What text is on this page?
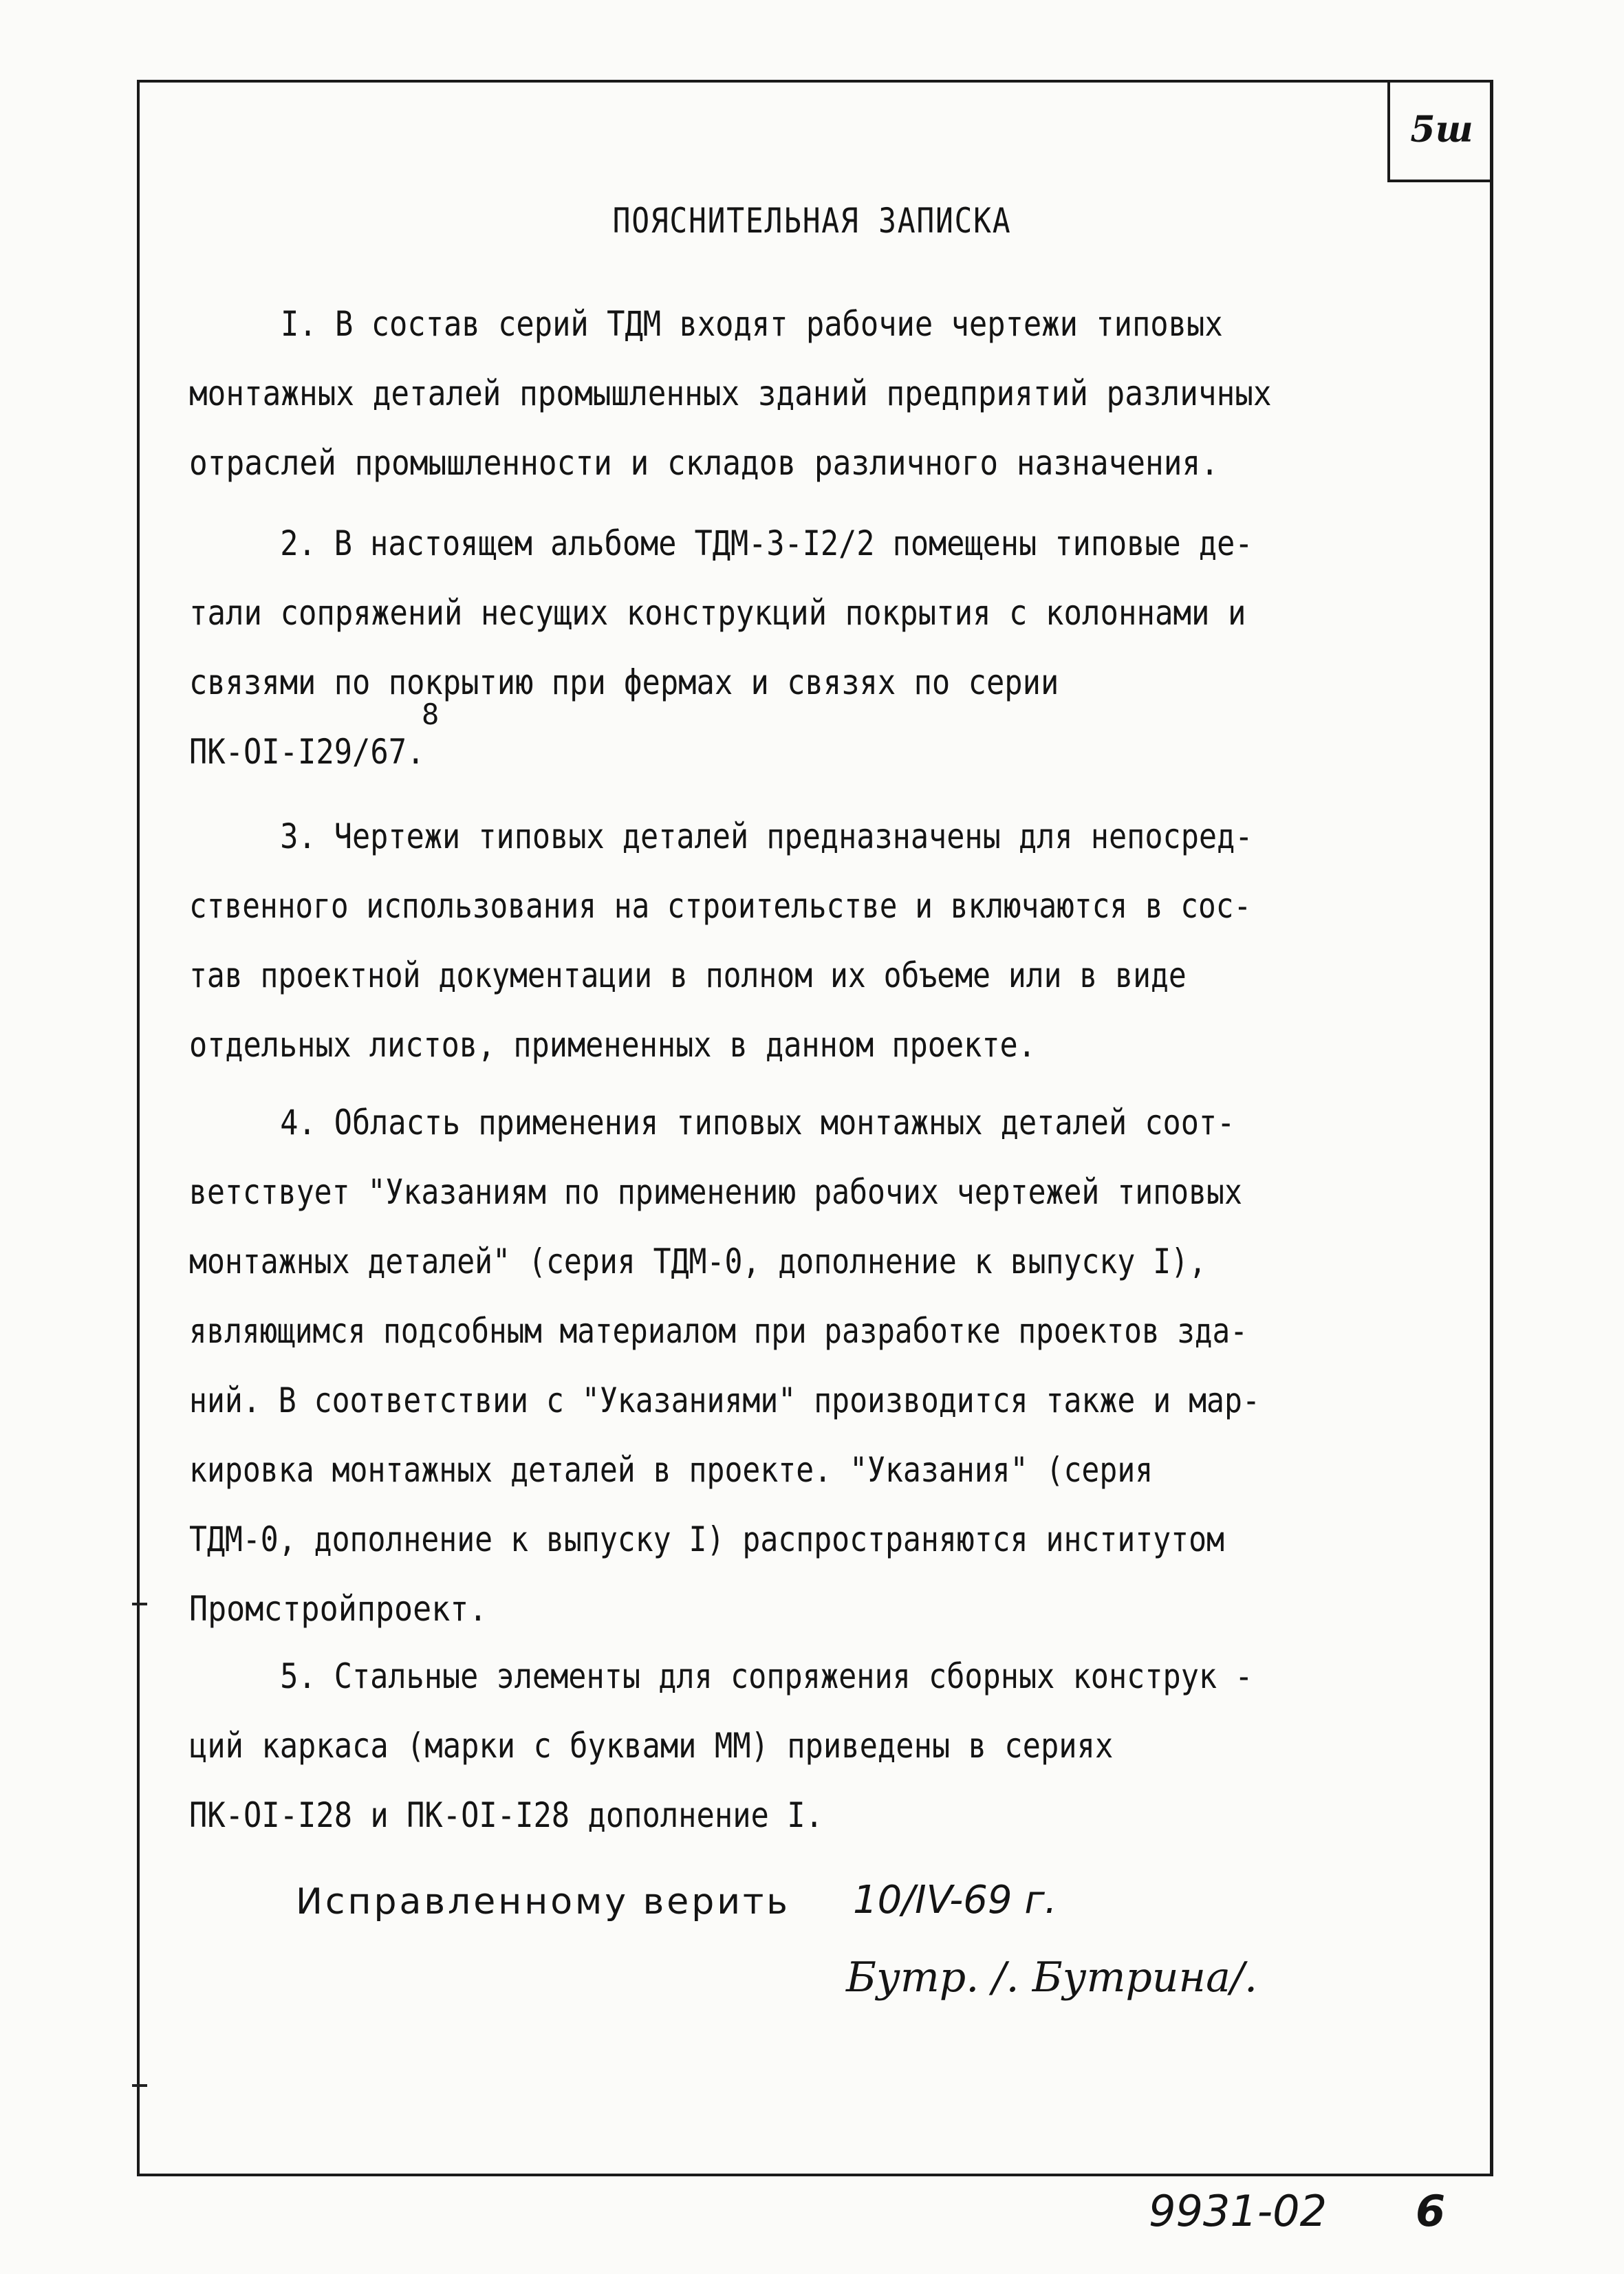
5ш
ПОЯСНИТЕЛЬНАЯ ЗАПИСКА
I. В состав серий ТДМ входят рабочие чертежи типовых
монтажных деталей промышленных зданий предприятий различных
отраслей промышленности и складов различного назначения.
2. В настоящем альбоме ТДМ-3-I2/2 помещены типовые де-
тали сопряжений несущих конструкций покрытия с колоннами и
связями по покрытию при фермах и связях по серии
ПК-OI-I29/67.
8
3. Чертежи типовых деталей предназначены для непосред-
ственного использования на строительстве и включаются в сос-
тав проектной документации в полном их объеме или в виде
отдельных листов, примененных в данном проекте.
4. Область применения типовых монтажных деталей соот-
ветствует "Указаниям по применению рабочих чертежей типовых
монтажных деталей" (серия ТДМ-0, дополнение к выпуску I),
являющимся подсобным материалом при разработке проектов зда-
ний. В соответствии с "Указаниями" производится также и мар-
кировка монтажных деталей в проекте. "Указания" (серия
ТДМ-0, дополнение к выпуску I) распространяются институтом
Промстройпроект.
5. Стальные элементы для сопряжения сборных конструк -
ций каркаса (марки с буквами ММ) приведены в сериях
ПК-OI-I28 и ПК-OI-I28 дополнение I.
Исправленному верить 10/IV-69 г.
Бутр. /. Бутрина/.
9931-02 6
